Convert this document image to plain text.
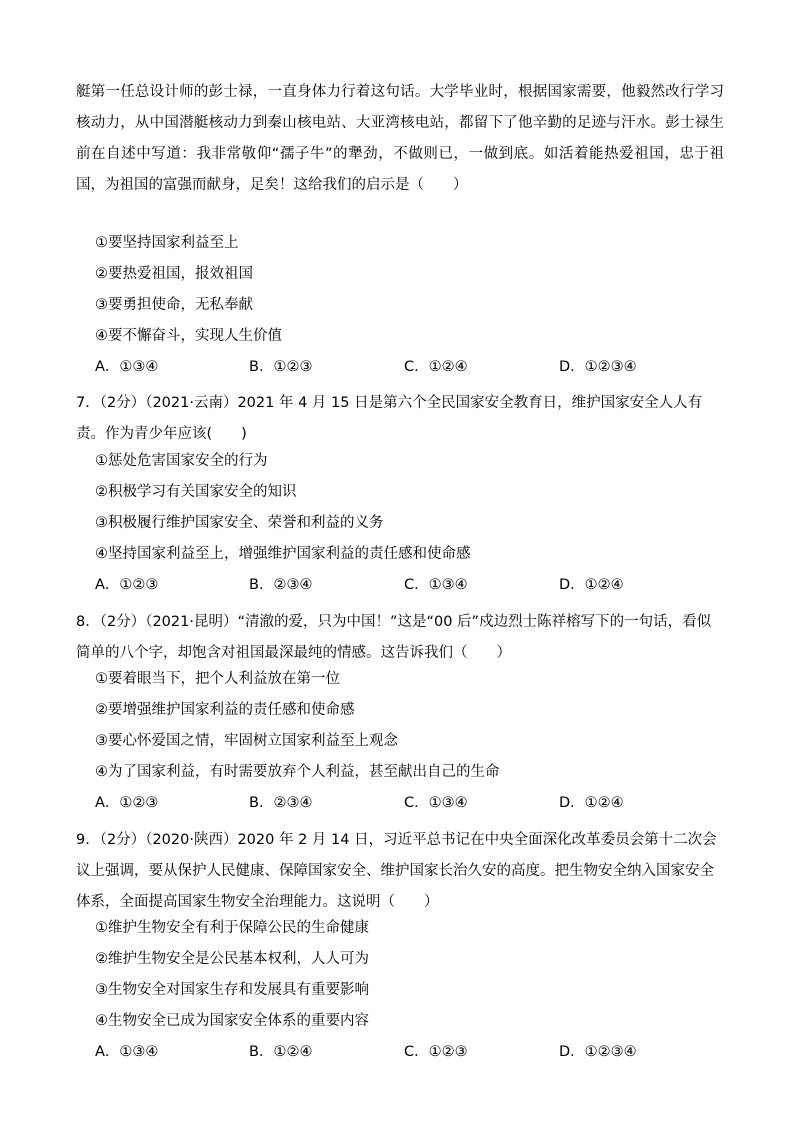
艇第一任总设计师的彭士禄，一直身体力行着这句话。大学毕业时，根据国家需要，他毅然改行学习核动力，从中国潜艇核动力到秦山核电站、大亚湾核电站，都留下了他辛勤的足迹与汗水。彭士禄生前在自述中写道：我非常敬仰“孺子牛”的犟劲，不做则已，一做到底。如活着能热爱祖国，忠于祖国，为祖国的富强而献身，足矣！这给我们的启示是（　　）

①要坚持国家利益至上
②要热爱祖国，报效祖国
③要勇担使命，无私奉献
④要不懈奋斗，实现人生价值
A．①③④	B．①②③	C．①②④	D．①②③④

7．（2分）（2021·云南）2021 年 4 月 15 日是第六个全民国家安全教育日，维护国家安全人人有责。作为青少年应该(　　)

①惩处危害国家安全的行为
②积极学习有关国家安全的知识
③积极履行维护国家安全、荣誉和利益的义务
④坚持国家利益至上，增强维护国家利益的责任感和使命感
A．①②③	B．②③④	C．①③④	D．①②④

8．（2分）（2021·昆明）“清澈的爱，只为中国！”这是“00 后”戍边烈士陈祥榕写下的一句话，看似简单的八个字，却饱含对祖国最深最纯的情感。这告诉我们（　　）

①要着眼当下，把个人利益放在第一位
②要增强维护国家利益的责任感和使命感
③要心怀爱国之情，牢固树立国家利益至上观念
④为了国家利益，有时需要放弃个人利益，甚至献出自己的生命
A．①②③	B．②③④	C．①③④	D．①②④

9．（2分）（2020·陕西）2020 年 2 月 14 日，习近平总书记在中央全面深化改革委员会第十二次会议上强调，要从保护人民健康、保障国家安全、维护国家长治久安的高度。把生物安全纳入国家安全体系，全面提高国家生物安全治理能力。这说明（　　）

①维护生物安全有利于保障公民的生命健康
②维护生物安全是公民基本权利，人人可为
③生物安全对国家生存和发展具有重要影响
④生物安全已成为国家安全体系的重要内容
A．①③④	B．①②④	C．①②③	D．①②③④
